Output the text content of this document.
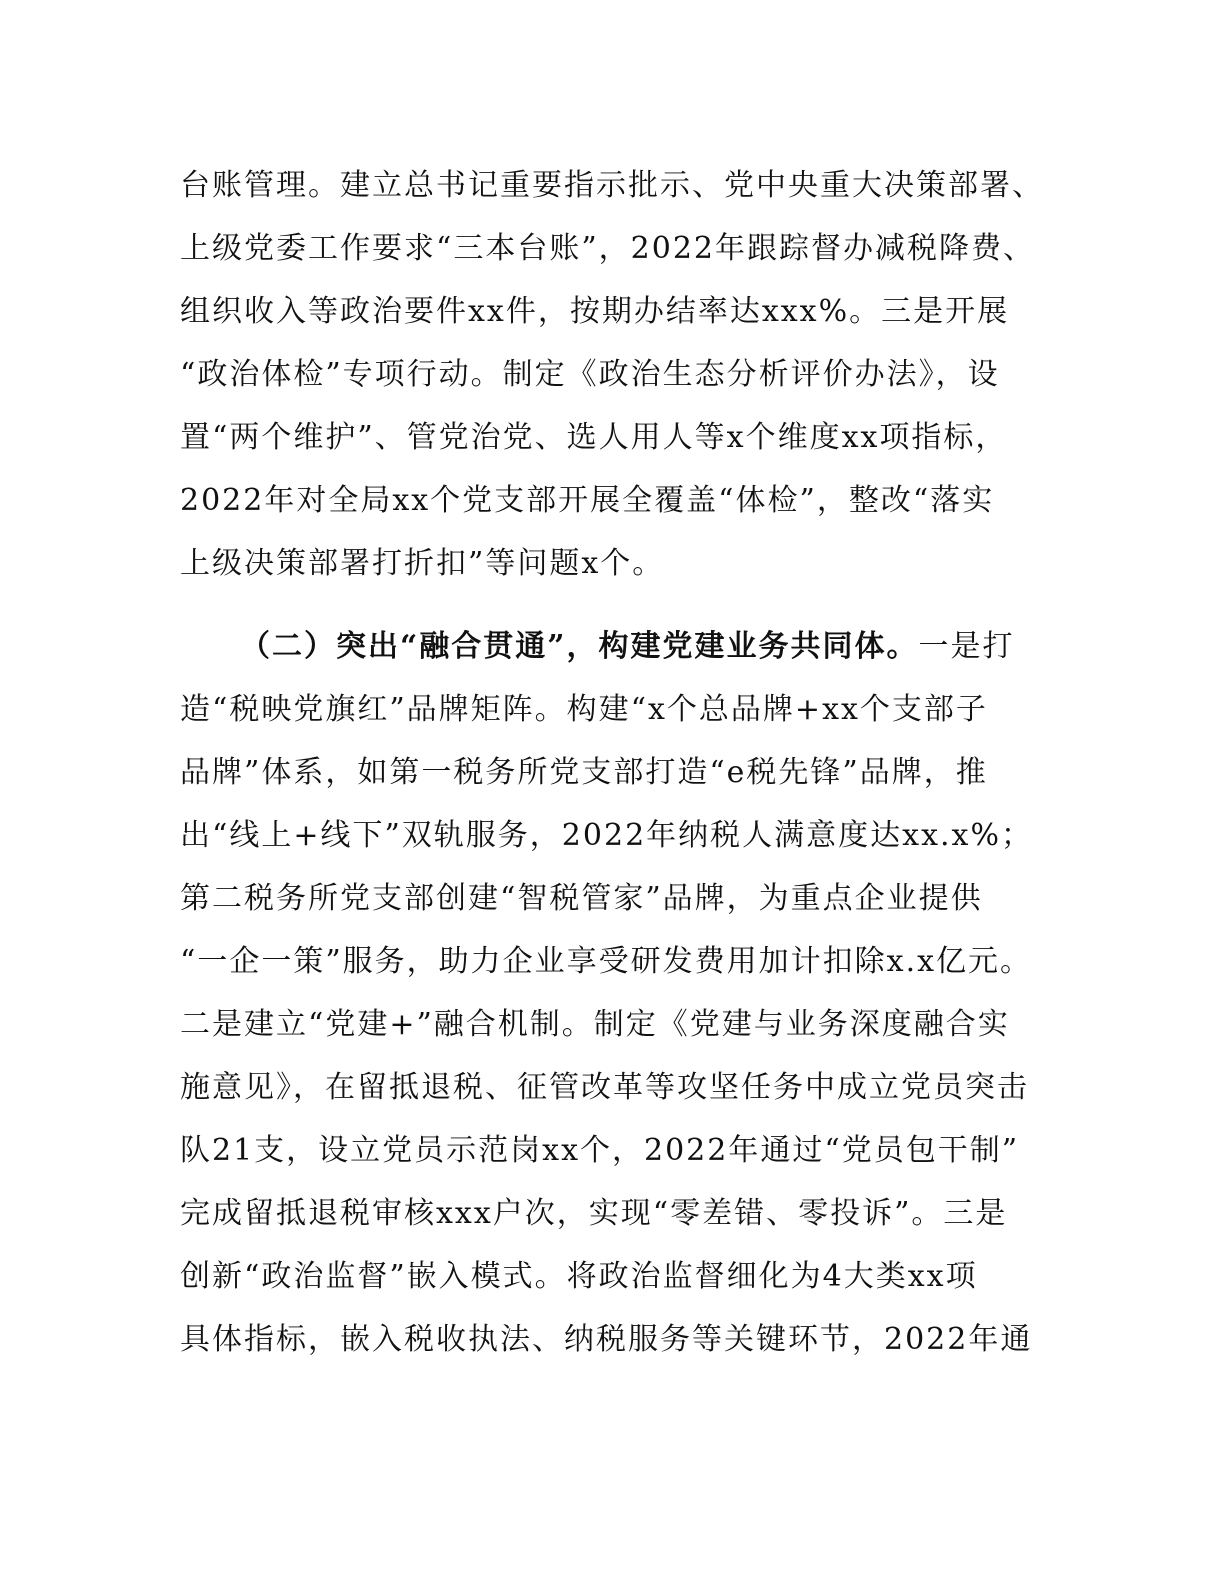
台账管理。建立总书记重要指示批示、党中央重大决策部署、

上级党委工作要求“三本台账”，2022年跟踪督办减税降费、

组织收入等政治要件xx件，按期办结率达xxx%。三是开展

“政治体检”专项行动。制定《政治生态分析评价办法》，设

置“两个维护”、管党治党、选人用人等x个维度xx项指标，

2022年对全局xx个党支部开展全覆盖“体检”，整改“落实

上级决策部署打折扣”等问题x个。

（二）突出“融合贯通”，构建党建业务共同体。一是打

造“税映党旗红”品牌矩阵。构建“x个总品牌+xx个支部子

品牌”体系，如第一税务所党支部打造“e税先锋”品牌，推

出“线上+线下”双轨服务，2022年纳税人满意度达xx.x%；

第二税务所党支部创建“智税管家”品牌，为重点企业提供

“一企一策”服务，助力企业享受研发费用加计扣除x.x亿元。

二是建立“党建+”融合机制。制定《党建与业务深度融合实

施意见》，在留抵退税、征管改革等攻坚任务中成立党员突击

队21支，设立党员示范岗xx个，2022年通过“党员包干制”

完成留抵退税审核xxx户次，实现“零差错、零投诉”。三是

创新“政治监督”嵌入模式。将政治监督细化为4大类xx项

具体指标，嵌入税收执法、纳税服务等关键环节，2022年通
